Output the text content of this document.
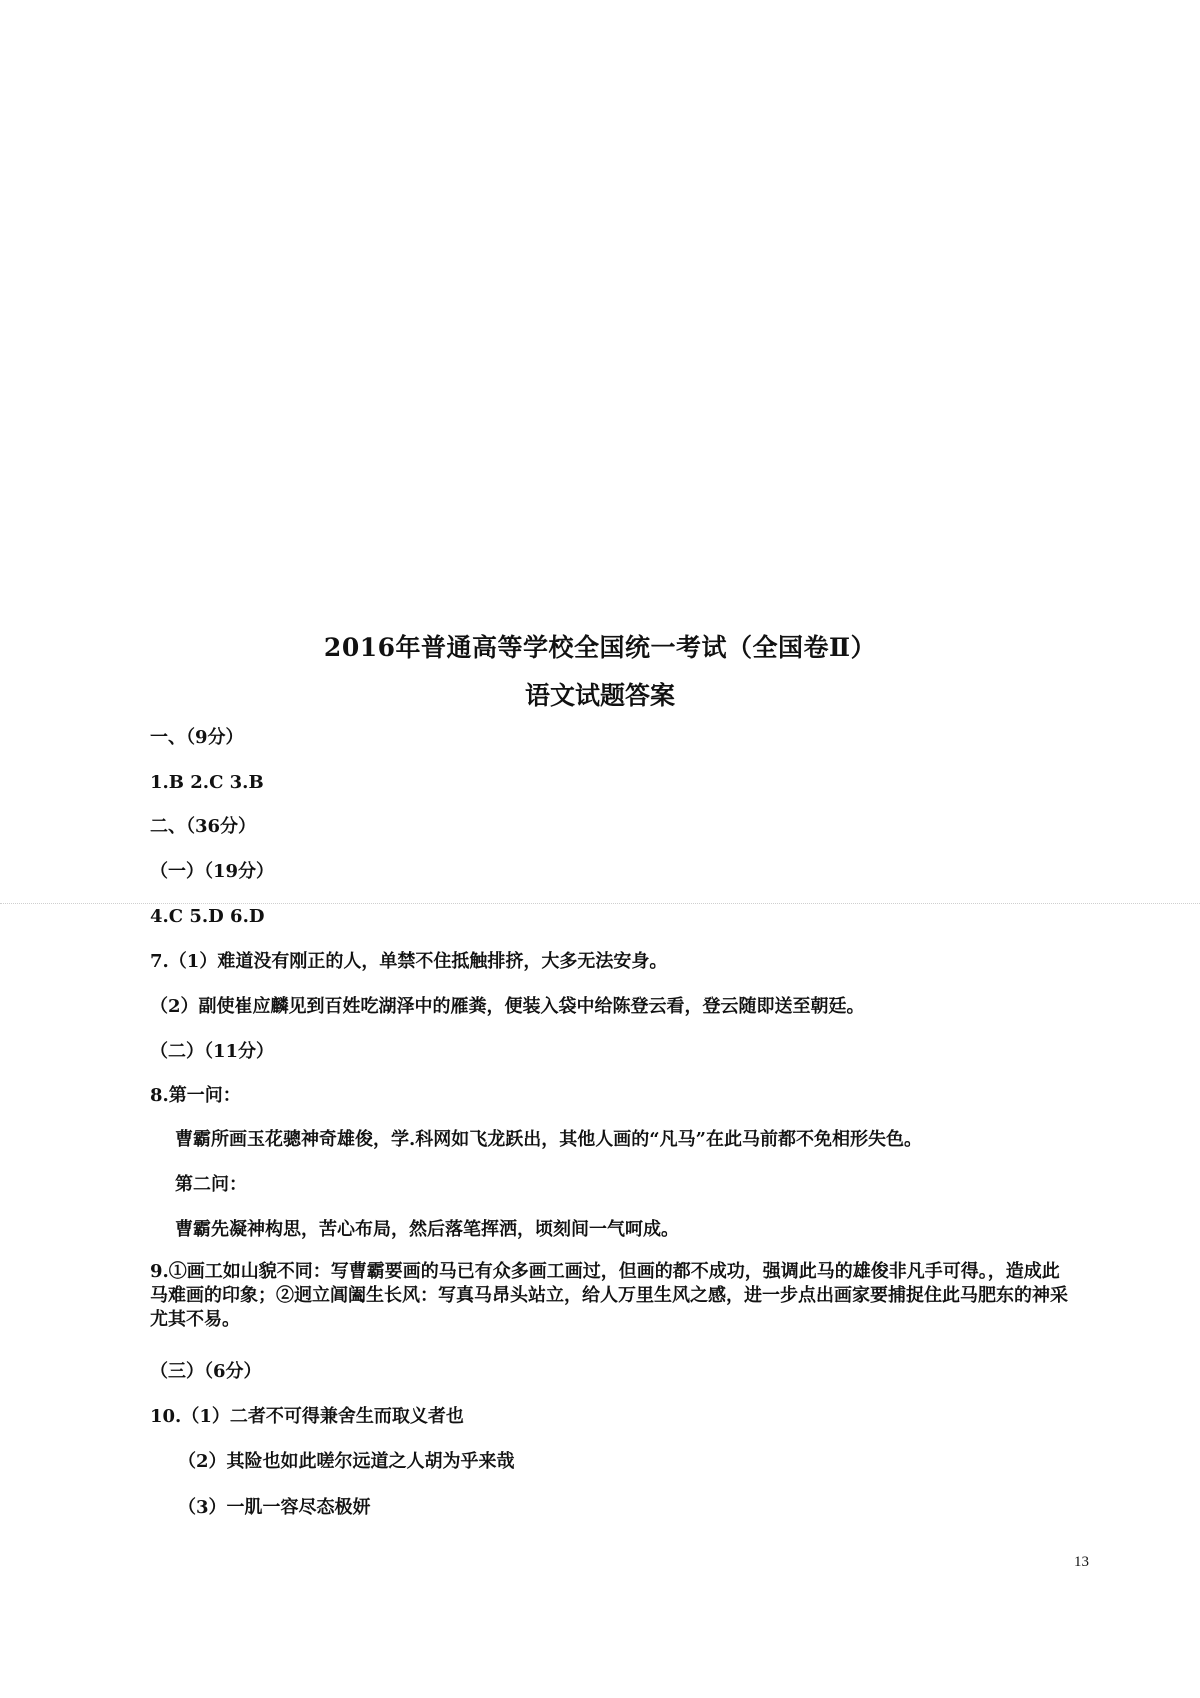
2016年普通高等学校全国统一考试（全国卷Ⅱ）
语文试题答案
一、（9分）
1.B 2.C 3.B
二、（36分）
（一）（19分）
4.C 5.D 6.D
7.（1）难道没有刚正的人，单禁不住抵触排挤，大多无法安身。
（2）副使崔应麟见到百姓吃湖泽中的雁粪，便装入袋中给陈登云看，登云随即送至朝廷。
（二）（11分）
8.第一问：
曹霸所画玉花骢神奇雄俊，学.科网如飞龙跃出，其他人画的“凡马”在此马前都不免相形失色。
第二问：
曹霸先凝神构思，苦心布局，然后落笔挥洒，顷刻间一气呵成。
9.①画工如山貌不同：写曹霸要画的马已有众多画工画过，但画的都不成功，强调此马的雄俊非凡手可得。，造成此马难画的印象；②迥立阊阖生长风：写真马昂头站立，给人万里生风之感，进一步点出画家要捕捉住此马肥东的神采尤其不易。
（三）（6分）
10.（1）二者不可得兼舍生而取义者也
（2）其险也如此嗟尔远道之人胡为乎来哉
（3）一肌一容尽态极妍
13
